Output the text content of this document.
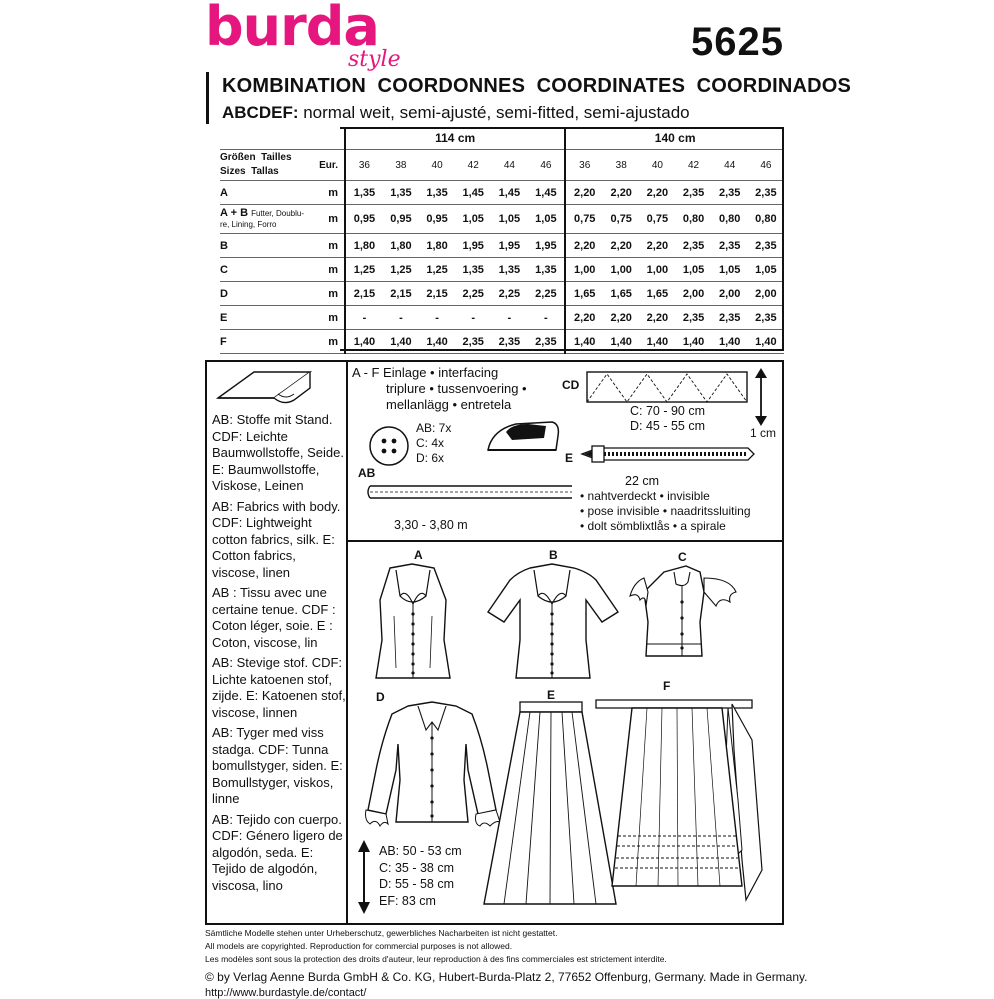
burda
style	5625
KOMBINATION  COORDONNES  COORDINATES  COORDINADOS
ABCDEF: normal weit, semi-ajusté, semi-fitted, semi-ajustado
		114 cm						140 cm					
Größen  Tailles
Sizes  Tallas	Eur.	36	38	40	42	44	46	36	38	40	42	44	46
A	m	1,35	1,35	1,35	1,45	1,45	1,45	2,20	2,20	2,20	2,35	2,35	2,35
A + B Futter, Doublu-
re, Lining, Forro	m	0,95	0,95	0,95	1,05	1,05	1,05	0,75	0,75	0,75	0,80	0,80	0,80
B	m	1,80	1,80	1,80	1,95	1,95	1,95	2,20	2,20	2,20	2,35	2,35	2,35
C	m	1,25	1,25	1,25	1,35	1,35	1,35	1,00	1,00	1,00	1,05	1,05	1,05
D	m	2,15	2,15	2,15	2,25	2,25	2,25	1,65	1,65	1,65	2,00	2,00	2,00
E	m	-	-	-	-	-	-	2,20	2,20	2,20	2,35	2,35	2,35
F	m	1,40	1,40	1,40	2,35	2,35	2,35	1,40	1,40	1,40	1,40	1,40	1,40

AB: Stoffe mit Stand. CDF: Leichte Baumwollstoffe, Seide. E: Baumwollstoffe, Viskose, Leinen

AB: Fabrics with body. CDF: Lightweight cotton fabrics, silk. E: Cotton fabrics, viscose, linen

AB : Tissu avec une certaine tenue. CDF : Coton léger, soie. E : Coton, viscose, lin

AB: Stevige stof. CDF: Lichte katoenen stof, zijde. E: Katoenen stof, viscose, linnen

AB: Tyger med viss stadga. CDF: Tunna bomullstyger, siden. E: Bomullstyger, viskos, linne

AB: Tejido con cuerpo. CDF: Género ligero de algodón, seda. E: Tejido de algodón, viscosa, lino

A - F Einlage • interfacing
triplure • tussenvoering •
mellanlägg • entretela
AB: 7x
C: 4x
D: 6x
AB
3,30 - 3,80 m
CD
C: 70 - 90 cm
D: 45 - 55 cm	1 cm
E
22 cm
• nahtverdeckt • invisible
• pose invisible • naadritssluiting
• dolt sömblixtlås • a spirale
A	B	C
D	E
F
AB: 50 - 53 cm
C: 35 - 38 cm
D: 55 - 58 cm
EF: 83 cm
Sämtliche Modelle stehen unter Urheberschutz, gewerbliches Nacharbeiten ist nicht gestattet.
All models are copyrighted. Reproduction for commercial purposes is not allowed.
Les modèles sont sous la protection des droits d'auteur, leur reproduction à des fins commerciales est strictement interdite.
© by Verlag Aenne Burda GmbH & Co. KG, Hubert-Burda-Platz 2, 77652 Offenburg, Germany. Made in Germany.
http://www.burdastyle.de/contact/
